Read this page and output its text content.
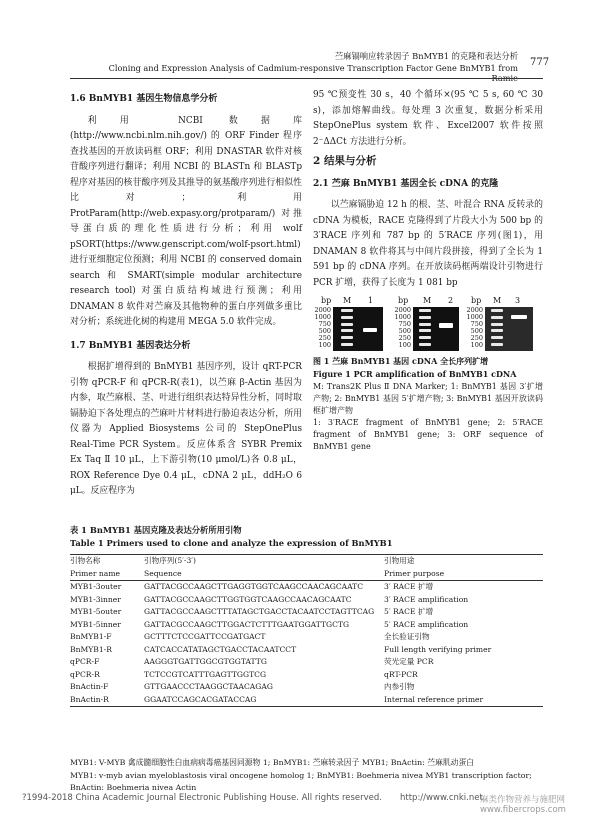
苎麻镉响应转录因子 BnMYB1 的克隆和表达分析
Cloning and Expression Analysis of Cadmium-responsive Transcription Factor Gene BnMYB1 from Ramie
777
1.6 BnMYB1 基因生物信息学分析

利用 NCBI 数据库 (http://www.ncbi.nlm.nih.gov/) 的 ORF Finder 程序查找基因的开放读码框 ORF；利用 DNASTAR 软件对核苷酸序列进行翻译；利用 NCBI 的 BLASTn 和 BLASTp 程序对基因的核苷酸序列及其推导的氨基酸序列进行相似性比对；利用 ProtParam(http://web.expasy.org/protparam/) 对推导蛋白质的理化性质进行分析；利用 wolf pSORT(https://www.genscript.com/wolf-psort.html) 进行亚细胞定位预测；利用 NCBI 的 conserved domain search 和 SMART(simple modular architecture research tool) 对蛋白质结构域进行预测；利用 DNAMAN 8 软件对苎麻及其他物种的蛋白序列做多重比对分析；系统进化树的构建用 MEGA 5.0 软件完成。

1.7 BnMYB1 基因表达分析

根据扩增得到的 BnMYB1 基因序列，设计 qRT-PCR 引物 qPCR-F 和 qPCR-R(表1)，以苎麻 β-Actin 基因为内参，取苎麻根、茎、叶进行组织表达特异性分析，同时取镉胁迫下各处理点的苎麻叶片材料进行胁迫表达分析，所用仪器为 Applied Biosystems 公司的 StepOnePlus Real-Time PCR System。反应体系含 SYBR Premix Ex Taq Ⅱ 10 μL，上下游引物(10 μmol/L)各 0.8 μL，ROX Reference Dye 0.4 μL，cDNA 2 μL，ddH₂O 6 μL。反应程序为

95 ℃预变性 30 s，40 个循环×(95 ℃ 5 s, 60 ℃ 30 s)，添加熔解曲线。每处理 3 次重复，数据分析采用 StepOnePlus system 软件、Excel2007 软件按照 2⁻ΔΔCt 方法进行分析。

2 结果与分析
2.1 苎麻 BnMYB1 基因全长 cDNA 的克隆

以苎麻镉胁迫 12 h 的根、茎、叶混合 RNA 反转录的 cDNA 为模板，RACE 克隆得到了片段大小为 500 bp 的 3′RACE 序列和 787 bp 的 5′RACE 序列(图1)，用 DNAMAN 8 软件将其与中间片段拼接，得到了全长为 1 591 bp 的 cDNA 序列。在开放读码框两端设计引物进行 PCR 扩增，获得了长度为 1 081 bp

bp M 1	bp M 2 bp M 3
2000
1000
750
500
250
100
2000
1000
750
500
250
100
2000
1000
750
500
250
100
图 1 苎麻 BnMYB1 基因 cDNA 全长序列扩增
Figure 1 PCR amplification of BnMYB1 cDNA
M: Trans2K Plus Ⅱ DNA Marker; 1: BnMYB1 基因 3′扩增产物; 2: BnMYB1 基因 5′扩增产物; 3: BnMYB1 基因开放读码框扩增产物
1: 3′RACE fragment of BnMYB1 gene; 2: 5′RACE fragment of BnMYB1 gene; 3: ORF sequence of BnMYB1 gene
表 1 BnMYB1 基因克隆及表达分析所用引物
Table 1 Primers used to clone and analyze the expression of BnMYB1
引物名称	引物序列(5′-3′)	引物用途
Primer name	Sequence	Primer purpose
MYB1-3outer	GATTACGCCAAGCTTGAGGTGGTCAAGCCAACAGCAATC	3′ RACE 扩增
MYB1-3inner	GATTACGCCAAGCTTGGTGGTCAAGCCAACAGCAATC	3′ RACE amplification
MYB1-5outer	GATTACGCCAAGCTTTATAGCTGACCTACAATCCTAGTTCAG	5′ RACE 扩增
MYB1-5inner	GATTACGCCAAGCTTGGACTCTTTGAATGGATTGCTG	5′ RACE amplification
BnMYB1-F	GCTTTCTCCGATTCCGATGACT	全长验证引物
BnMYB1-R	CATCACCATATAGCTGACCTACAATCCT	Full length verifying primer
qPCR-F	AAGGGTGATTGGCGTGGTATTG	荧光定量 PCR
qPCR-R	TCTCCGTCATTTGAGTTGGTCG	qRT-PCR
BnActin-F	GTTGAACCCTAAGGCTAACAGAG	内参引物
BnActin-R	GGAATCCAGCACGATACCAG	Internal reference primer
MYB1: V-MYB 禽成髓细胞性白血病病毒癌基因同源物 1; BnMYB1: 苎麻转录因子 MYB1; BnActin: 苎麻肌动蛋白
MYB1: v-myb avian myeloblastosis viral oncogene homolog 1; BnMYB1: Boehmeria nivea MYB1 transcription factor; BnActin: Boehmeria nivea Actin
?1994-2018 China Academic Journal Electronic Publishing House. All rights reserved. http://www.cnki.net
麻类作物营养与施肥网 www.fibercrops.com
